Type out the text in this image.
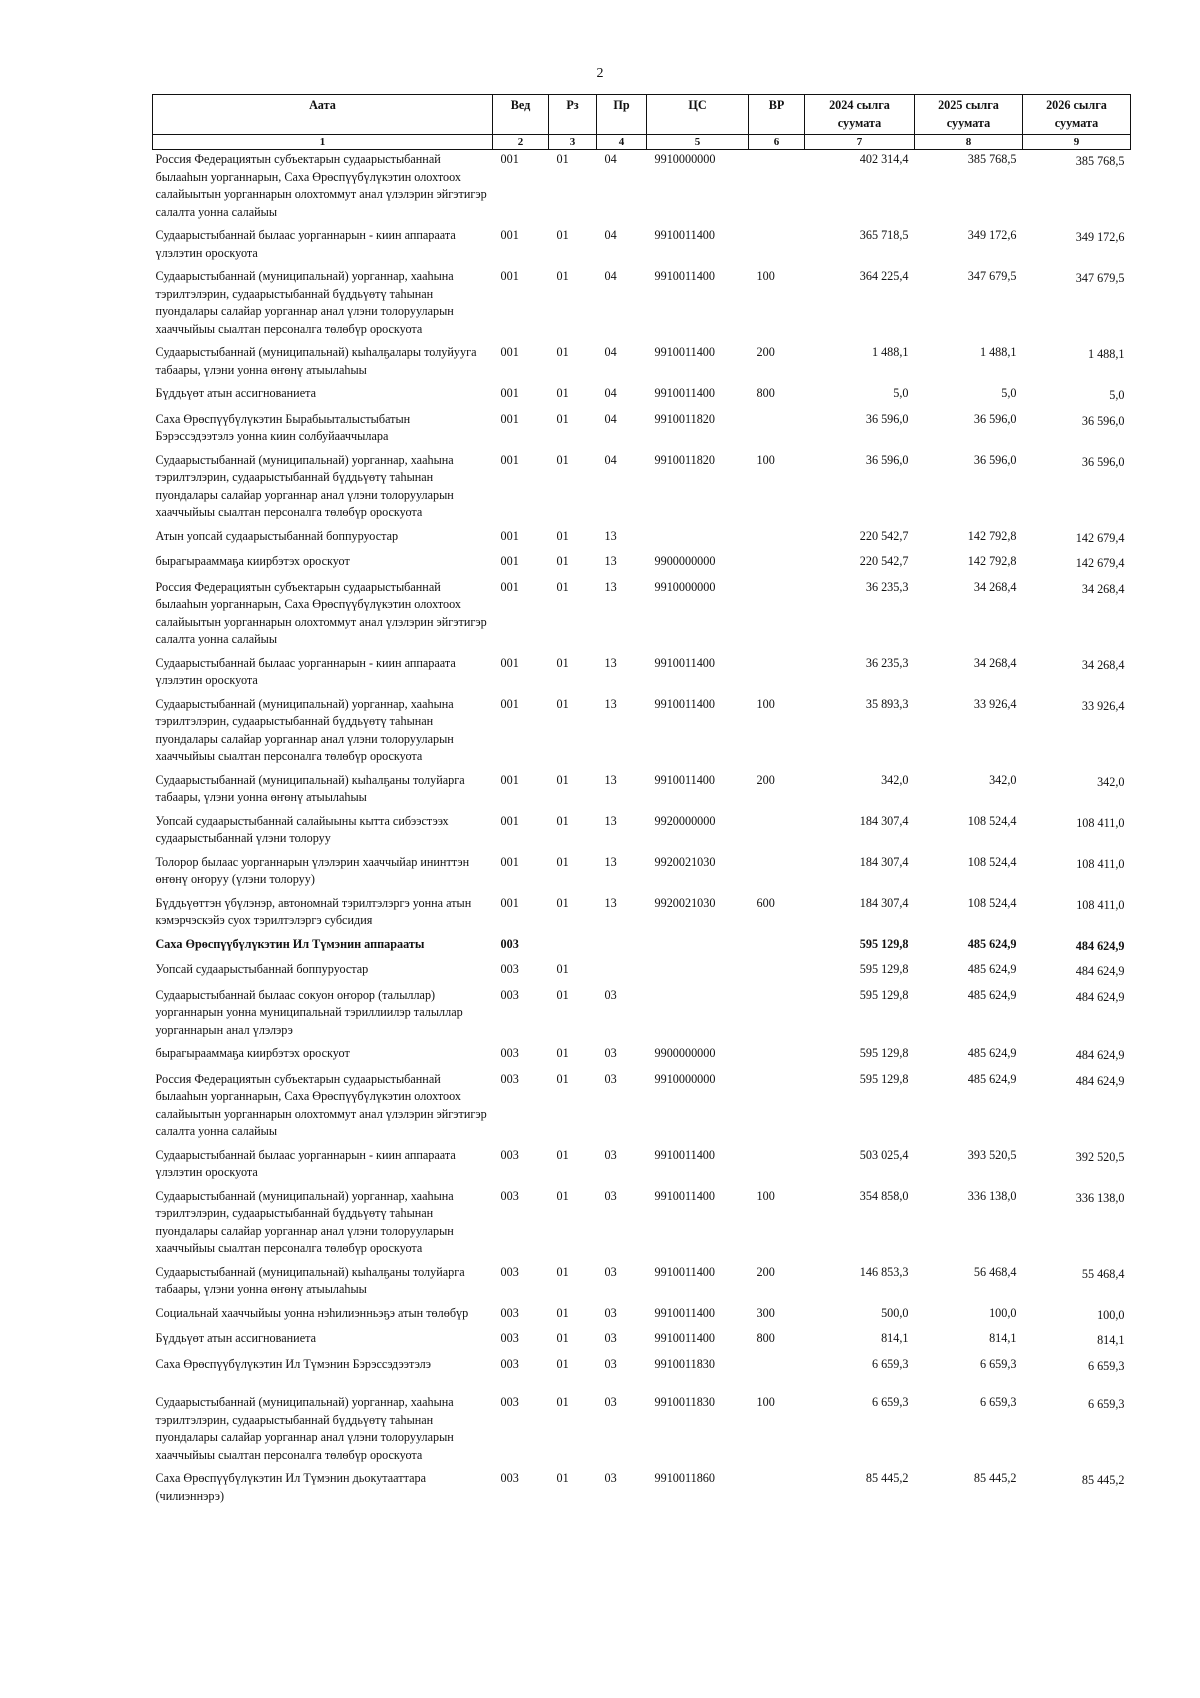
2
Аата	Вед	Рз	Пр	ЦС	ВР	2024 сылга суумата	2025 сылга суумата	2026 сылга суумата
1	2	3	4	5	6	7	8	9
Россия Федерациятын субъектарын судаарыстыбаннай былааһын уорганнарын, Саха Өрөспүүбүлүкэтин олохтоох салайыытын уорганнарын олохтоммут анал үлэлэрин эйгэтигэр салалта уонна салайыы	001	01	04	9910000000		402 314,4	385 768,5	385 768,5
Судаарыстыбаннай былаас уорганнарын - киин аппараата үлэлэтин ороскуота	001	01	04	9910011400		365 718,5	349 172,6	349 172,6
Судаарыстыбаннай (муниципальнай) уорганнар, хааһына тэрилтэлэрин, судаарыстыбаннай бүддьүөтү таһынан пуондалары салайар уорганнар анал үлэни толорууларын хааччыйыы сыалтан персоналга төлөбүр ороскуота	001	01	04	9910011400	100	364 225,4	347 679,5	347 679,5
Судаарыстыбаннай (муниципальнай) кыһалҕалары толуйууга табаары, үлэни уонна өҥөнү атыылаһыы	001	01	04	9910011400	200	1 488,1	1 488,1	1 488,1
Бүддьүөт атын ассигнованиета	001	01	04	9910011400	800	5,0	5,0	5,0
Саха Өрөспүүбүлүкэтин Бырабыыталыстыбатын Бэрэссэдээтэлэ уонна киин солбуйааччылара	001	01	04	9910011820		36 596,0	36 596,0	36 596,0
Судаарыстыбаннай (муниципальнай) уорганнар, хааһына тэрилтэлэрин, судаарыстыбаннай бүддьүөтү таһынан пуондалары салайар уорганнар анал үлэни толорууларын хааччыйыы сыалтан персоналга төлөбүр ороскуота	001	01	04	9910011820	100	36 596,0	36 596,0	36 596,0
Атын уопсай судаарыстыбаннай боппуруостар	001	01	13			220 542,7	142 792,8	142 679,4
бырагырааммаҕа киирбэтэх ороскуот	001	01	13	9900000000		220 542,7	142 792,8	142 679,4
Россия Федерациятын субъектарын судаарыстыбаннай былааһын уорганнарын, Саха Өрөспүүбүлүкэтин олохтоох салайыытын уорганнарын олохтоммут анал үлэлэрин эйгэтигэр салалта уонна салайыы	001	01	13	9910000000		36 235,3	34 268,4	34 268,4
Судаарыстыбаннай былаас уорганнарын - киин аппараата үлэлэтин ороскуота	001	01	13	9910011400		36 235,3	34 268,4	34 268,4
Судаарыстыбаннай (муниципальнай) уорганнар, хааһына тэрилтэлэрин, судаарыстыбаннай бүддьүөтү таһынан пуондалары салайар уорганнар анал үлэни толорууларын хааччыйыы сыалтан персоналга төлөбүр ороскуота	001	01	13	9910011400	100	35 893,3	33 926,4	33 926,4
Судаарыстыбаннай (муниципальнай) кыһалҕаны толуйарга табаары, үлэни уонна өҥөнү атыылаһыы	001	01	13	9910011400	200	342,0	342,0	342,0
Уопсай судаарыстыбаннай салайыыны кытта сибээстээх судаарыстыбаннай үлэни толоруу	001	01	13	9920000000		184 307,4	108 524,4	108 411,0
Толорор былаас уорганнарын үлэлэрин хааччыйар ининттэн өҥөнү оҥоруу (үлэни толоруу)	001	01	13	9920021030		184 307,4	108 524,4	108 411,0
Бүддьүөттэн үбүлэнэр, автономнай тэрилтэлэргэ уонна атын кэмэрчэскэйэ суох тэрилтэлэргэ субсидия	001	01	13	9920021030	600	184 307,4	108 524,4	108 411,0
Саха Өрөспүүбүлүкэтин Ил Түмэнин аппарааты	003					595 129,8	485 624,9	484 624,9
Уопсай судаарыстыбаннай боппуруостар	003	01				595 129,8	485 624,9	484 624,9
Судаарыстыбаннай былаас сокуон оҥорор (талыллар) уорганнарын уонна муниципальнай тэриллиилэр талыллар уорганнарын анал үлэлэрэ	003	01	03			595 129,8	485 624,9	484 624,9
бырагырааммаҕа киирбэтэх ороскуот	003	01	03	9900000000		595 129,8	485 624,9	484 624,9
Россия Федерациятын субъектарын судаарыстыбаннай былааһын уорганнарын, Саха Өрөспүүбүлүкэтин олохтоох салайыытын уорганнарын олохтоммут анал үлэлэрин эйгэтигэр салалта уонна салайыы	003	01	03	9910000000		595 129,8	485 624,9	484 624,9
Судаарыстыбаннай былаас уорганнарын - киин аппараата үлэлэтин ороскуота	003	01	03	9910011400		503 025,4	393 520,5	392 520,5
Судаарыстыбаннай (муниципальнай) уорганнар, хааһына тэрилтэлэрин, судаарыстыбаннай бүддьүөтү таһынан пуондалары салайар уорганнар анал үлэни толорууларын хааччыйыы сыалтан персоналга төлөбүр ороскуота	003	01	03	9910011400	100	354 858,0	336 138,0	336 138,0
Судаарыстыбаннай (муниципальнай) кыһалҕаны толуйарга табаары, үлэни уонна өҥөнү атыылаһыы	003	01	03	9910011400	200	146 853,3	56 468,4	55 468,4
Социальнай хааччыйыы уонна нэһилиэнньэҕэ атын төлөбүр	003	01	03	9910011400	300	500,0	100,0	100,0
Бүддьүөт атын ассигнованиета	003	01	03	9910011400	800	814,1	814,1	814,1
Саха Өрөспүүбүлүкэтин Ил Түмэнин Бэрэссэдээтэлэ	003	01	03	9910011830		6 659,3	6 659,3	6 659,3
Судаарыстыбаннай (муниципальнай) уорганнар, хааһына тэрилтэлэрин, судаарыстыбаннай бүддьүөтү таһынан пуондалары салайар уорганнар анал үлэни толорууларын хааччыйыы сыалтан персоналга төлөбүр ороскуота	003	01	03	9910011830	100	6 659,3	6 659,3	6 659,3
Саха Өрөспүүбүлүкэтин Ил Түмэнин дьокутааттара (чилиэннэрэ)	003	01	03	9910011860		85 445,2	85 445,2	85 445,2
